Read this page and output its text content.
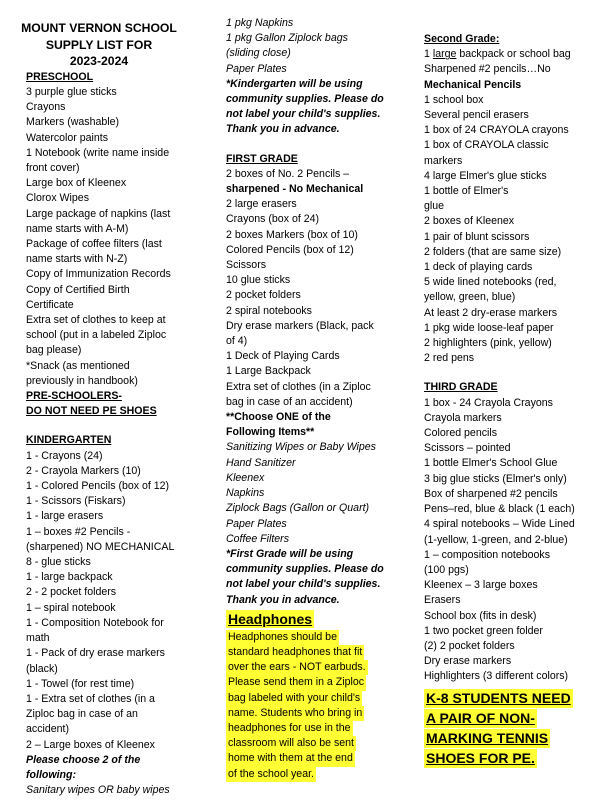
MOUNT VERNON SCHOOL
SUPPLY LIST FOR
2023-2024
PRESCHOOL
3 purple glue sticks
Crayons
Markers (washable)
Watercolor paints
1 Notebook (write name inside
front cover)
Large box of Kleenex
Clorox Wipes
Large package of napkins (last
name starts with A-M)
Package of coffee filters (last
name starts with N-Z)
Copy of Immunization Records
Copy of Certified Birth
Certificate
Extra set of clothes to keep at
school (put in a labeled Ziploc
bag please)
*Snack (as mentioned
previously in handbook)
PRE-SCHOOLERS-
DO NOT NEED PE SHOES
KINDERGARTEN
1 - Crayons (24)
2 - Crayola Markers (10)
1 - Colored Pencils (box of 12)
1 - Scissors (Fiskars)
1 - large erasers
1 – boxes #2 Pencils -
(sharpened) NO MECHANICAL
8 - glue sticks
1 - large backpack
2 - 2 pocket folders
1 – spiral notebook
1 - Composition Notebook for
math
1 - Pack of dry erase markers
(black)
1 - Towel (for rest time)
1 - Extra set of clothes (in a
Ziploc bag in case of an
accident)
2 – Large boxes of Kleenex
Please choose 2 of the
following:
Sanitary wipes OR baby wipes
1 pkg Napkins
1 pkg Gallon Ziplock bags
(sliding close)
Paper Plates
*Kindergarten will be using
community supplies. Please do
not label your child's supplies.
Thank you in advance.
FIRST GRADE
2 boxes of No. 2 Pencils –
sharpened - No Mechanical
2 large erasers
Crayons (box of 24)
2 boxes Markers (box of 10)
Colored Pencils (box of 12)
Scissors
10 glue sticks
2 pocket folders
2 spiral notebooks
Dry erase markers (Black, pack
of 4)
1 Deck of Playing Cards
1 Large Backpack
Extra set of clothes (in a Ziploc
bag in case of an accident)
**Choose ONE of the
Following Items**
Sanitizing Wipes or Baby Wipes
Hand Sanitizer
Kleenex
Napkins
Ziplock Bags (Gallon or Quart)
Paper Plates
Coffee Filters
*First Grade will be using
community supplies. Please do
not label your child's supplies.
Thank you in advance.
Headphones
Headphones should be
standard headphones that fit
over the ears - NOT earbuds.
Please send them in a Ziploc
bag labeled with your child's
name. Students who bring in
headphones for use in the
classroom will also be sent
home with them at the end
of the school year.
Second Grade:
1 large backpack or school bag
Sharpened #2 pencils…No
Mechanical Pencils
1 school box
Several pencil erasers
1 box of 24 CRAYOLA crayons
1 box of CRAYOLA classic
markers
4 large Elmer's glue sticks
1 bottle of Elmer's
glue
2 boxes of Kleenex
1 pair of blunt scissors
2 folders (that are same size)
1 deck of playing cards
5 wide lined notebooks (red,
yellow, green, blue)
At least 2 dry-erase markers
1 pkg wide loose-leaf paper
2 highlighters (pink, yellow)
2 red pens
THIRD GRADE
1 box - 24 Crayola Crayons
Crayola markers
Colored pencils
Scissors – pointed
1 bottle Elmer's School Glue
3 big glue sticks (Elmer's only)
Box of sharpened #2 pencils
Pens–red, blue & black (1 each)
4 spiral notebooks – Wide Lined
(1-yellow, 1-green, and 2-blue)
1 – composition notebooks
(100 pgs)
Kleenex – 3 large boxes
Erasers
School box (fits in desk)
1 two pocket green folder
(2) 2 pocket folders
Dry erase markers
Highlighters (3 different colors)
K-8 STUDENTS NEED
A PAIR OF NON-
MARKING TENNIS
SHOES FOR PE.
